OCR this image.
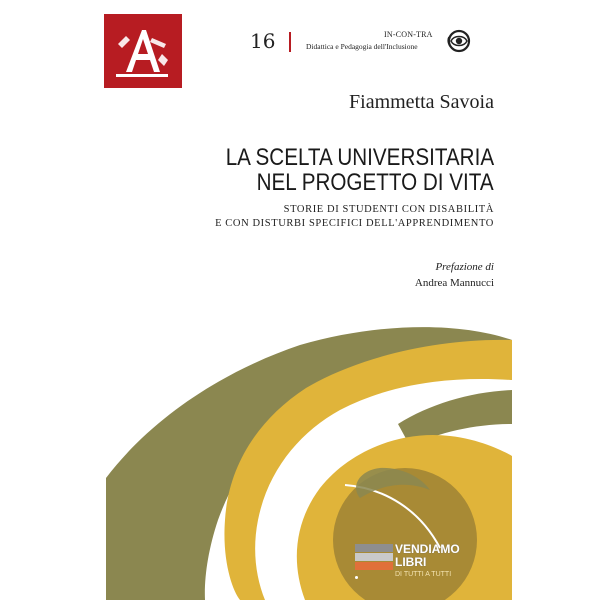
16	IN-CON-TRA
Didattica e Pedagogia dell'Inclusione
Fiammetta Savoia
LA SCELTA UNIVERSITARIA
NEL PROGETTO DI VITA
STORIE DI STUDENTI CON DISABILITÀ
E CON DISTURBI SPECIFICI DELL'APPRENDIMENTO
Prefazione di
Andrea Mannucci
VENDIAMO
LIBRI
DI TUTTI A TUTTI
